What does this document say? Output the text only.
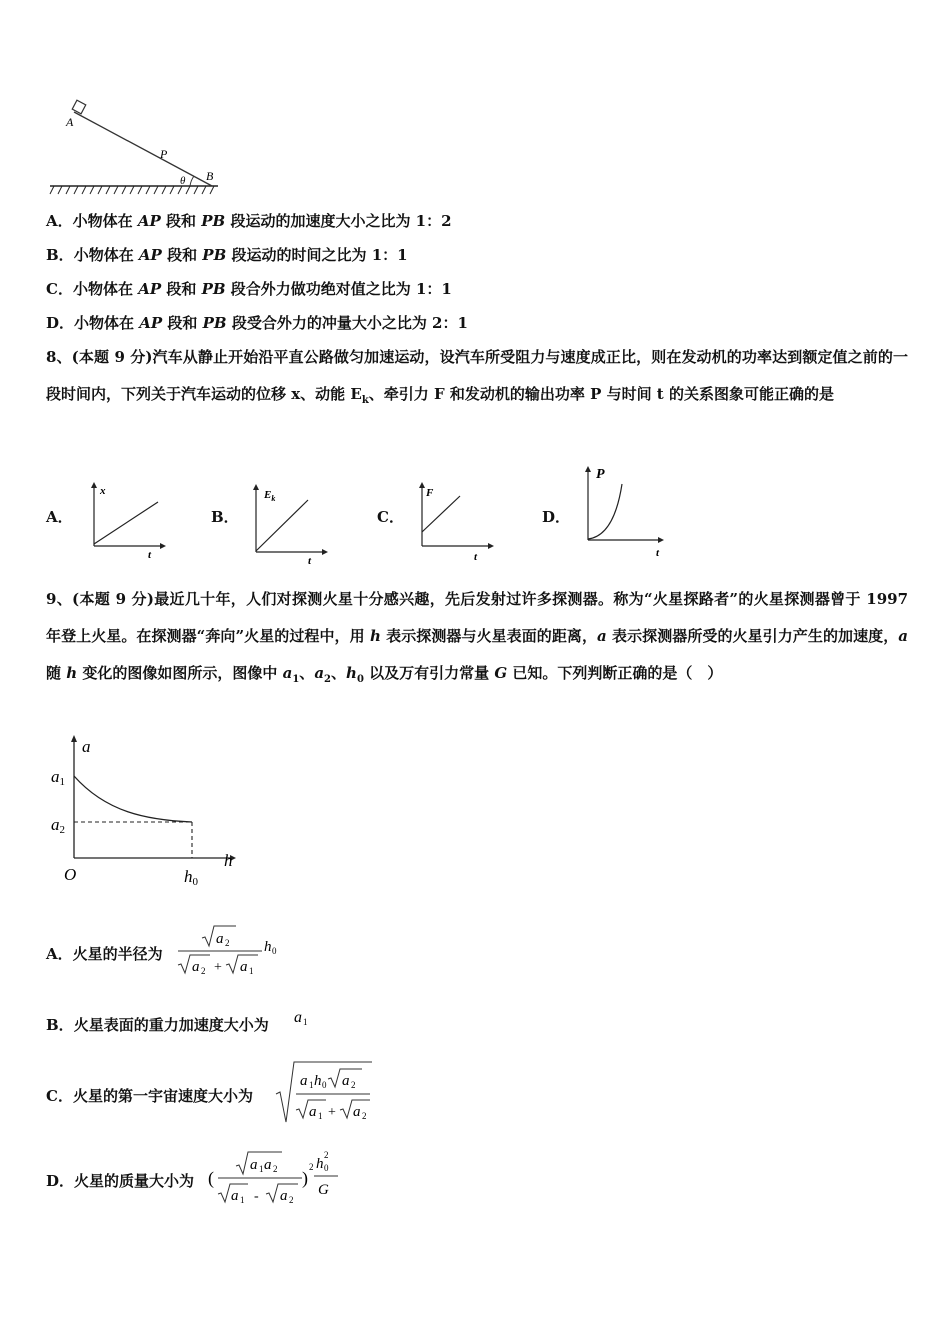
A
P
B
θ
A．小物体在 AP 段和 PB 段运动的加速度大小之比为 1：2
B．小物体在 AP 段和 PB 段运动的时间之比为 1：1
C．小物体在 AP 段和 PB 段合外力做功绝对值之比为 1：1
D．小物体在 AP 段和 PB 段受合外力的冲量大小之比为 2：1
8、(本题 9 分)汽车从静止开始沿平直公路做匀加速运动，设汽车所受阻力与速度成正比，则在发动机的功率达到额定值之前的一段时间内，下列关于汽车运动的位移 x、动能 $E_k$、牵引力 F 和发动机的输出功率 P 与时间 t 的关系图象可能正确的是
A．
x
t
B．
$E_k$
t
C．
F
t
D．
P
t
9、(本题 9 分)最近几十年，人们对探测火星十分感兴趣，先后发射过许多探测器。称为“火星探路者”的火星探测器曾于 1997 年登上火星。在探测器“奔向”火星的过程中，用 h 表示探测器与火星表面的距离，a 表示探测器所受的火星引力产生的加速度，a 随 h 变化的图像如图所示，图像中 $a_1$、$a_2$、$h_0$ 以及万有引力常量 G 已知。下列判断正确的是（　）
a
h
O
a1
a2
h0
A．火星的半径为
a 2
a 2 + a 1
h 0
B．火星表面的重力加速度大小为 a 1
C．火星的第一宇宙速度大小为
a 1 h 0 a 2
a 1 + a 2
D．火星的质量大小为 (
a 1 a 2
a 1 - a 2
)
2 h
2
0
G
